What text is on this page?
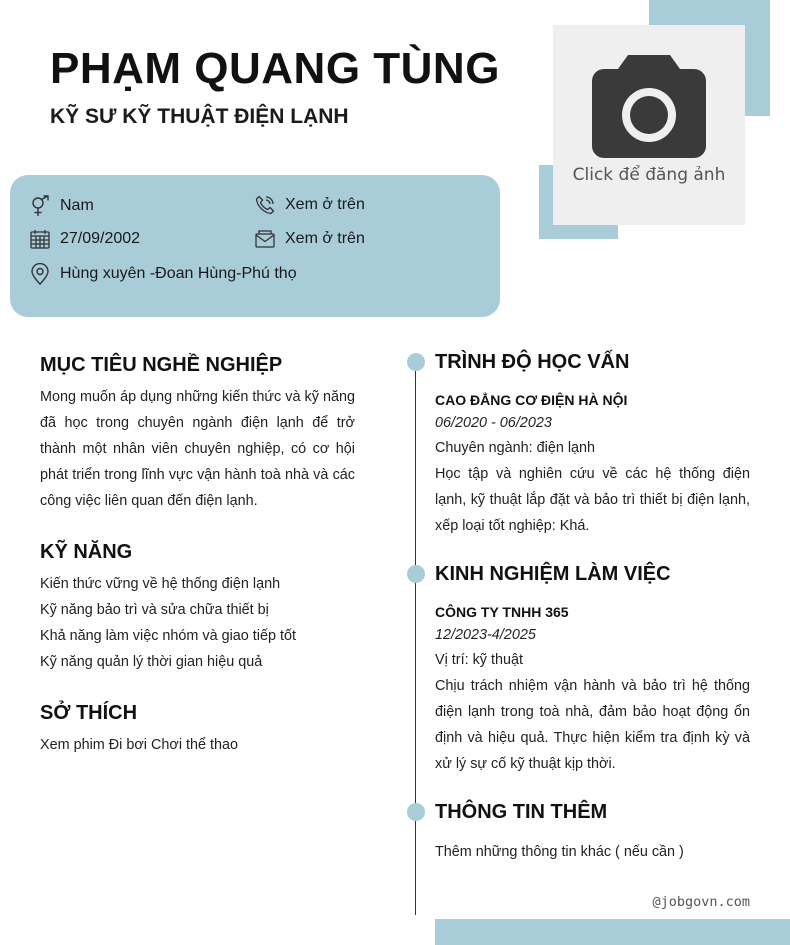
PHẠM QUANG TÙNG
KỸ SƯ KỸ THUẬT ĐIỆN LẠNH
Click để đăng ảnh
Nam
27/09/2002
Hùng xuyên -Đoan Hùng-Phú thọ
Xem ở trên
Xem ở trên
MỤC TIÊU NGHỀ NGHIỆP
Mong muốn áp dụng những kiến thức và kỹ năng đã học trong chuyên ngành điện lạnh để trở thành một nhân viên chuyên nghiệp, có cơ hội phát triển trong lĩnh vực vận hành toà nhà và các công việc liên quan đến điện lạnh.
KỸ NĂNG
Kiến thức vững về hệ thống điện lạnh
Kỹ năng bảo trì và sửa chữa thiết bị
Khả năng làm việc nhóm và giao tiếp tốt
Kỹ năng quản lý thời gian hiệu quả
SỞ THÍCH
Xem phim Đi bơi Chơi thể thao
TRÌNH ĐỘ HỌC VẤN
CAO ĐẲNG CƠ ĐIỆN HÀ NỘI
06/2020 - 06/2023
Chuyên ngành: điện lạnh
Học tập và nghiên cứu về các hệ thống điện lạnh, kỹ thuật lắp đặt và bảo trì thiết bị điện lạnh, xếp loại tốt nghiệp: Khá.
KINH NGHIỆM LÀM VIỆC
CÔNG TY TNHH 365
12/2023-4/2025
Vị trí: kỹ thuật
Chịu trách nhiệm vận hành và bảo trì hệ thống điện lạnh trong toà nhà, đảm bảo hoạt động ổn định và hiệu quả. Thực hiện kiểm tra định kỳ và xử lý sự cố kỹ thuật kịp thời.
THÔNG TIN THÊM
Thêm những thông tin khác ( nếu cần )
@jobgovn.com
